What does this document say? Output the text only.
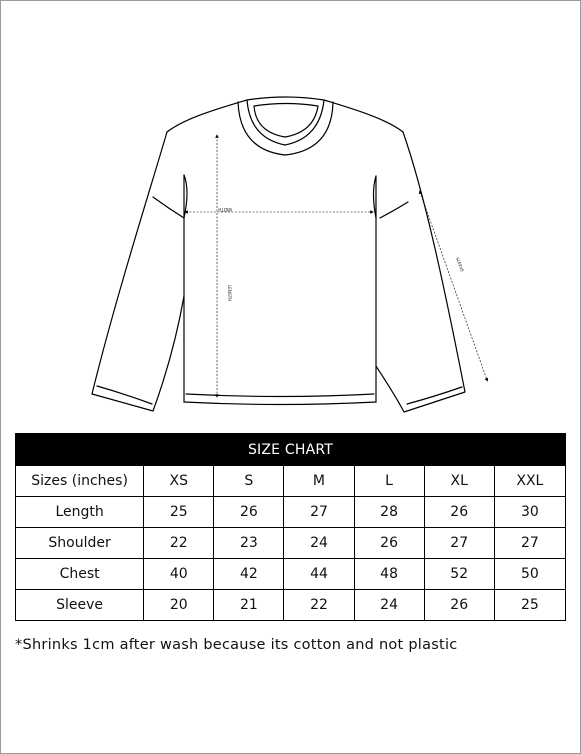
WIDTH
LENGTH
SLEEVE
SIZE CHART						
Sizes (inches)	XS	S	M	L	XL	XXL
Length	25	26	27	28	26	30
Shoulder	22	23	24	26	27	27
Chest	40	42	44	48	52	50
Sleeve	20	21	22	24	26	25
*Shrinks 1cm after wash because its cotton and not plastic
